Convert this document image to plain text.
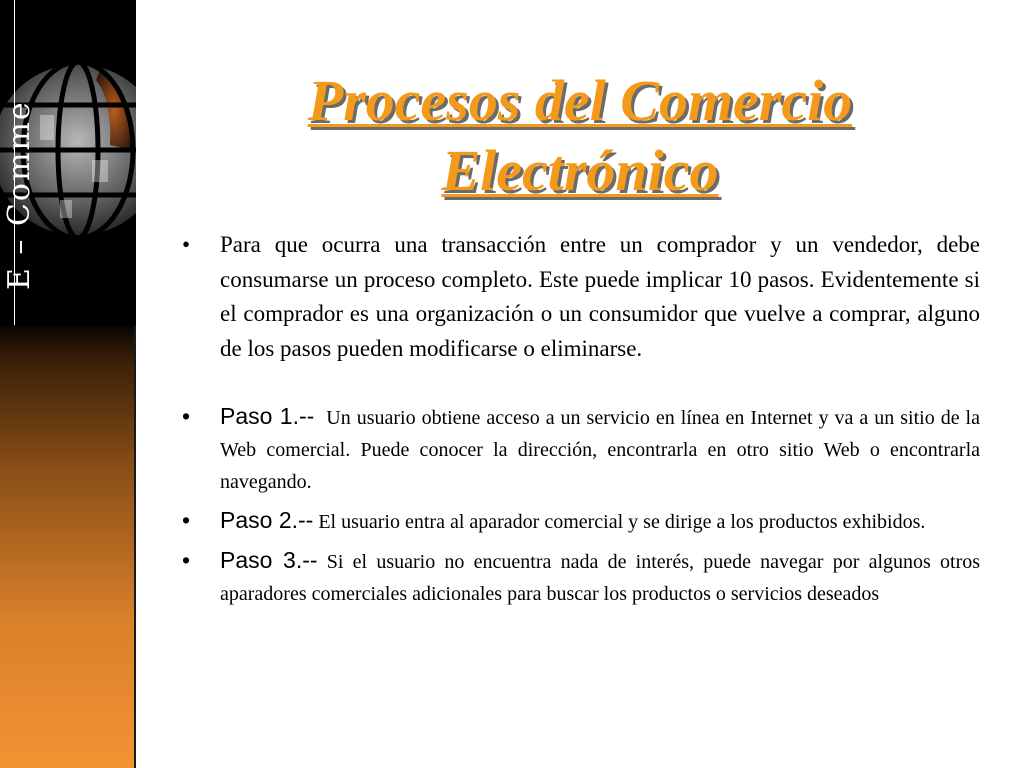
E – Comme	Procesos del Comercio
Electrónico
• Para que ocurra una transacción entre un comprador y un vendedor, debe consumarse un proceso completo. Este puede implicar 10 pasos. Evidentemente si el comprador es una organización o un consumidor que vuelve a comprar, alguno de los pasos pueden modificarse o eliminarse.
• Paso 1.-- Un usuario obtiene acceso a un servicio en línea en Internet y va a un sitio de la Web comercial. Puede conocer la dirección, encontrarla en otro sitio Web o encontrarla navegando.
• Paso 2.-- El usuario entra al aparador comercial y se dirige a los productos exhibidos.
• Paso 3.-- Si el usuario no encuentra nada de interés, puede navegar por algunos otros aparadores comerciales adicionales para buscar los productos o servicios deseados
